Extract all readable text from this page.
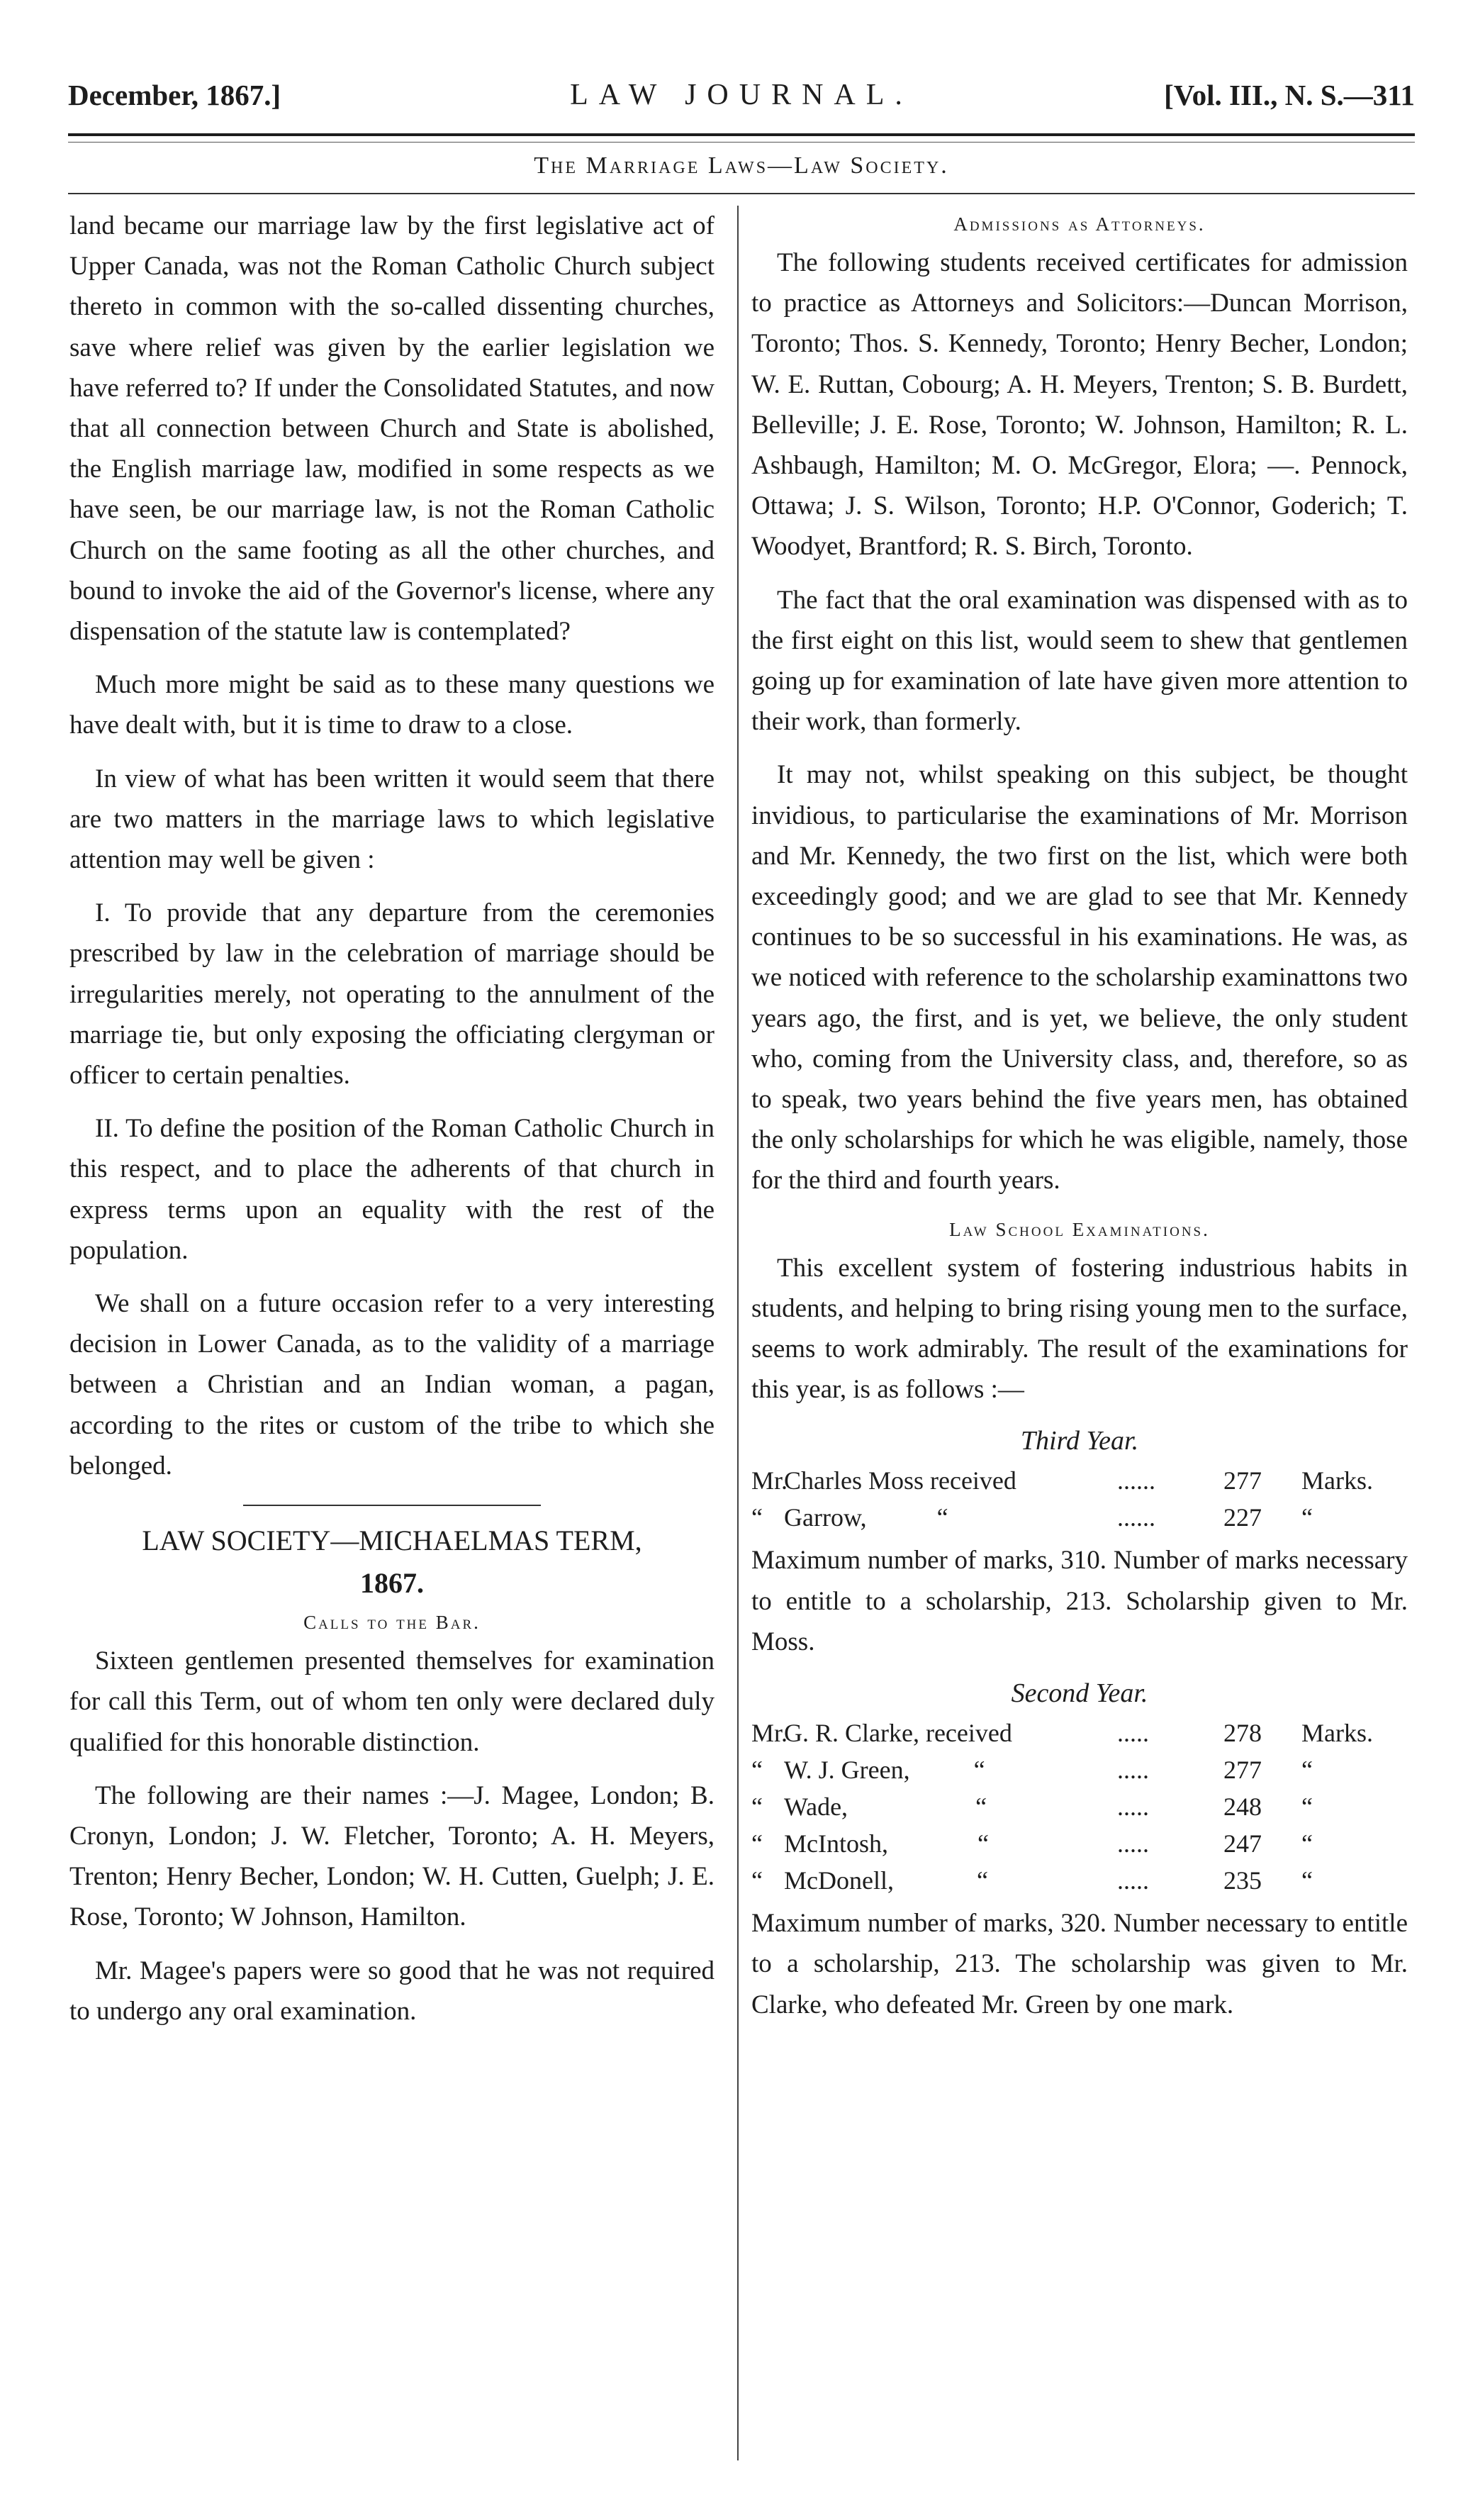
December, 1867.]	LAW JOURNAL.	[Vol. III., N. S.—311
The Marriage Laws—Law Society.

land became our marriage law by the first legislative act of Upper Canada, was not the Roman Catholic Church subject thereto in common with the so-called dissenting churches, save where relief was given by the earlier legislation we have referred to? If under the Consolidated Statutes, and now that all connection between Church and State is abolished, the English marriage law, modified in some respects as we have seen, be our marriage law, is not the Roman Catholic Church on the same footing as all the other churches, and bound to invoke the aid of the Governor's license, where any dispensation of the statute law is contemplated?

Much more might be said as to these many questions we have dealt with, but it is time to draw to a close.

In view of what has been written it would seem that there are two matters in the marriage laws to which legislative attention may well be given :

I. To provide that any departure from the ceremonies prescribed by law in the celebration of marriage should be irregularities merely, not operating to the annulment of the marriage tie, but only exposing the officiating clergyman or officer to certain penalties.

II. To define the position of the Roman Catholic Church in this respect, and to place the adherents of that church in express terms upon an equality with the rest of the population.

We shall on a future occasion refer to a very interesting decision in Lower Canada, as to the validity of a marriage between a Christian and an Indian woman, a pagan, according to the rites or custom of the tribe to which she belonged.

LAW SOCIETY—MICHAELMAS TERM,
1867.
Calls to the Bar.

Sixteen gentlemen presented themselves for examination for call this Term, out of whom ten only were declared duly qualified for this honorable distinction.

The following are their names :—J. Magee, London; B. Cronyn, London; J. W. Fletcher, Toronto; A. H. Meyers, Trenton; Henry Becher, London; W. H. Cutten, Guelph; J. E. Rose, Toronto; W Johnson, Hamilton.

Mr. Magee's papers were so good that he was not required to undergo any oral examination.

Admissions as Attorneys.

The following students received certificates for admission to practice as Attorneys and Solicitors:—Duncan Morrison, Toronto; Thos. S. Kennedy, Toronto; Henry Becher, London; W. E. Ruttan, Cobourg; A. H. Meyers, Trenton; S. B. Burdett, Belleville; J. E. Rose, Toronto; W. Johnson, Hamilton; R. L. Ashbaugh, Hamilton; M. O. McGregor, Elora; —. Pennock, Ottawa; J. S. Wilson, Toronto; H.P. O'Connor, Goderich; T. Woodyet, Brantford; R. S. Birch, Toronto.

The fact that the oral examination was dispensed with as to the first eight on this list, would seem to shew that gentlemen going up for examination of late have given more attention to their work, than formerly.

It may not, whilst speaking on this subject, be thought invidious, to particularise the examinations of Mr. Morrison and Mr. Kennedy, the two first on the list, which were both exceedingly good; and we are glad to see that Mr. Kennedy continues to be so successful in his examinations. He was, as we noticed with reference to the scholarship examinattons two years ago, the first, and is yet, we believe, the only student who, coming from the University class, and, therefore, so as to speak, two years behind the five years men, has obtained the only scholarships for which he was eligible, namely, those for the third and fourth years.

Law School Examinations.

This excellent system of fostering industrious habits in students, and helping to bring rising young men to the surface, seems to work admirably. The result of the examinations for this year, is as follows :—

Third Year.
Mr.
Charles Moss received	......	277	Marks.
“ Garrow,	“	......	227	“

Maximum number of marks, 310. Number of marks necessary to entitle to a scholarship, 213. Scholarship given to Mr. Moss.

Second Year.
Mr.
G. R. Clarke, received	.....	278	Marks.
“ W. J. Green,	“	.....	277	“
“ Wade,	“	.....	248	“
“ McIntosh,	“	.....	247	“
“ McDonell,	“	.....	235	“

Maximum number of marks, 320. Number necessary to entitle to a scholarship, 213. The scholarship was given to Mr. Clarke, who defeated Mr. Green by one mark.
